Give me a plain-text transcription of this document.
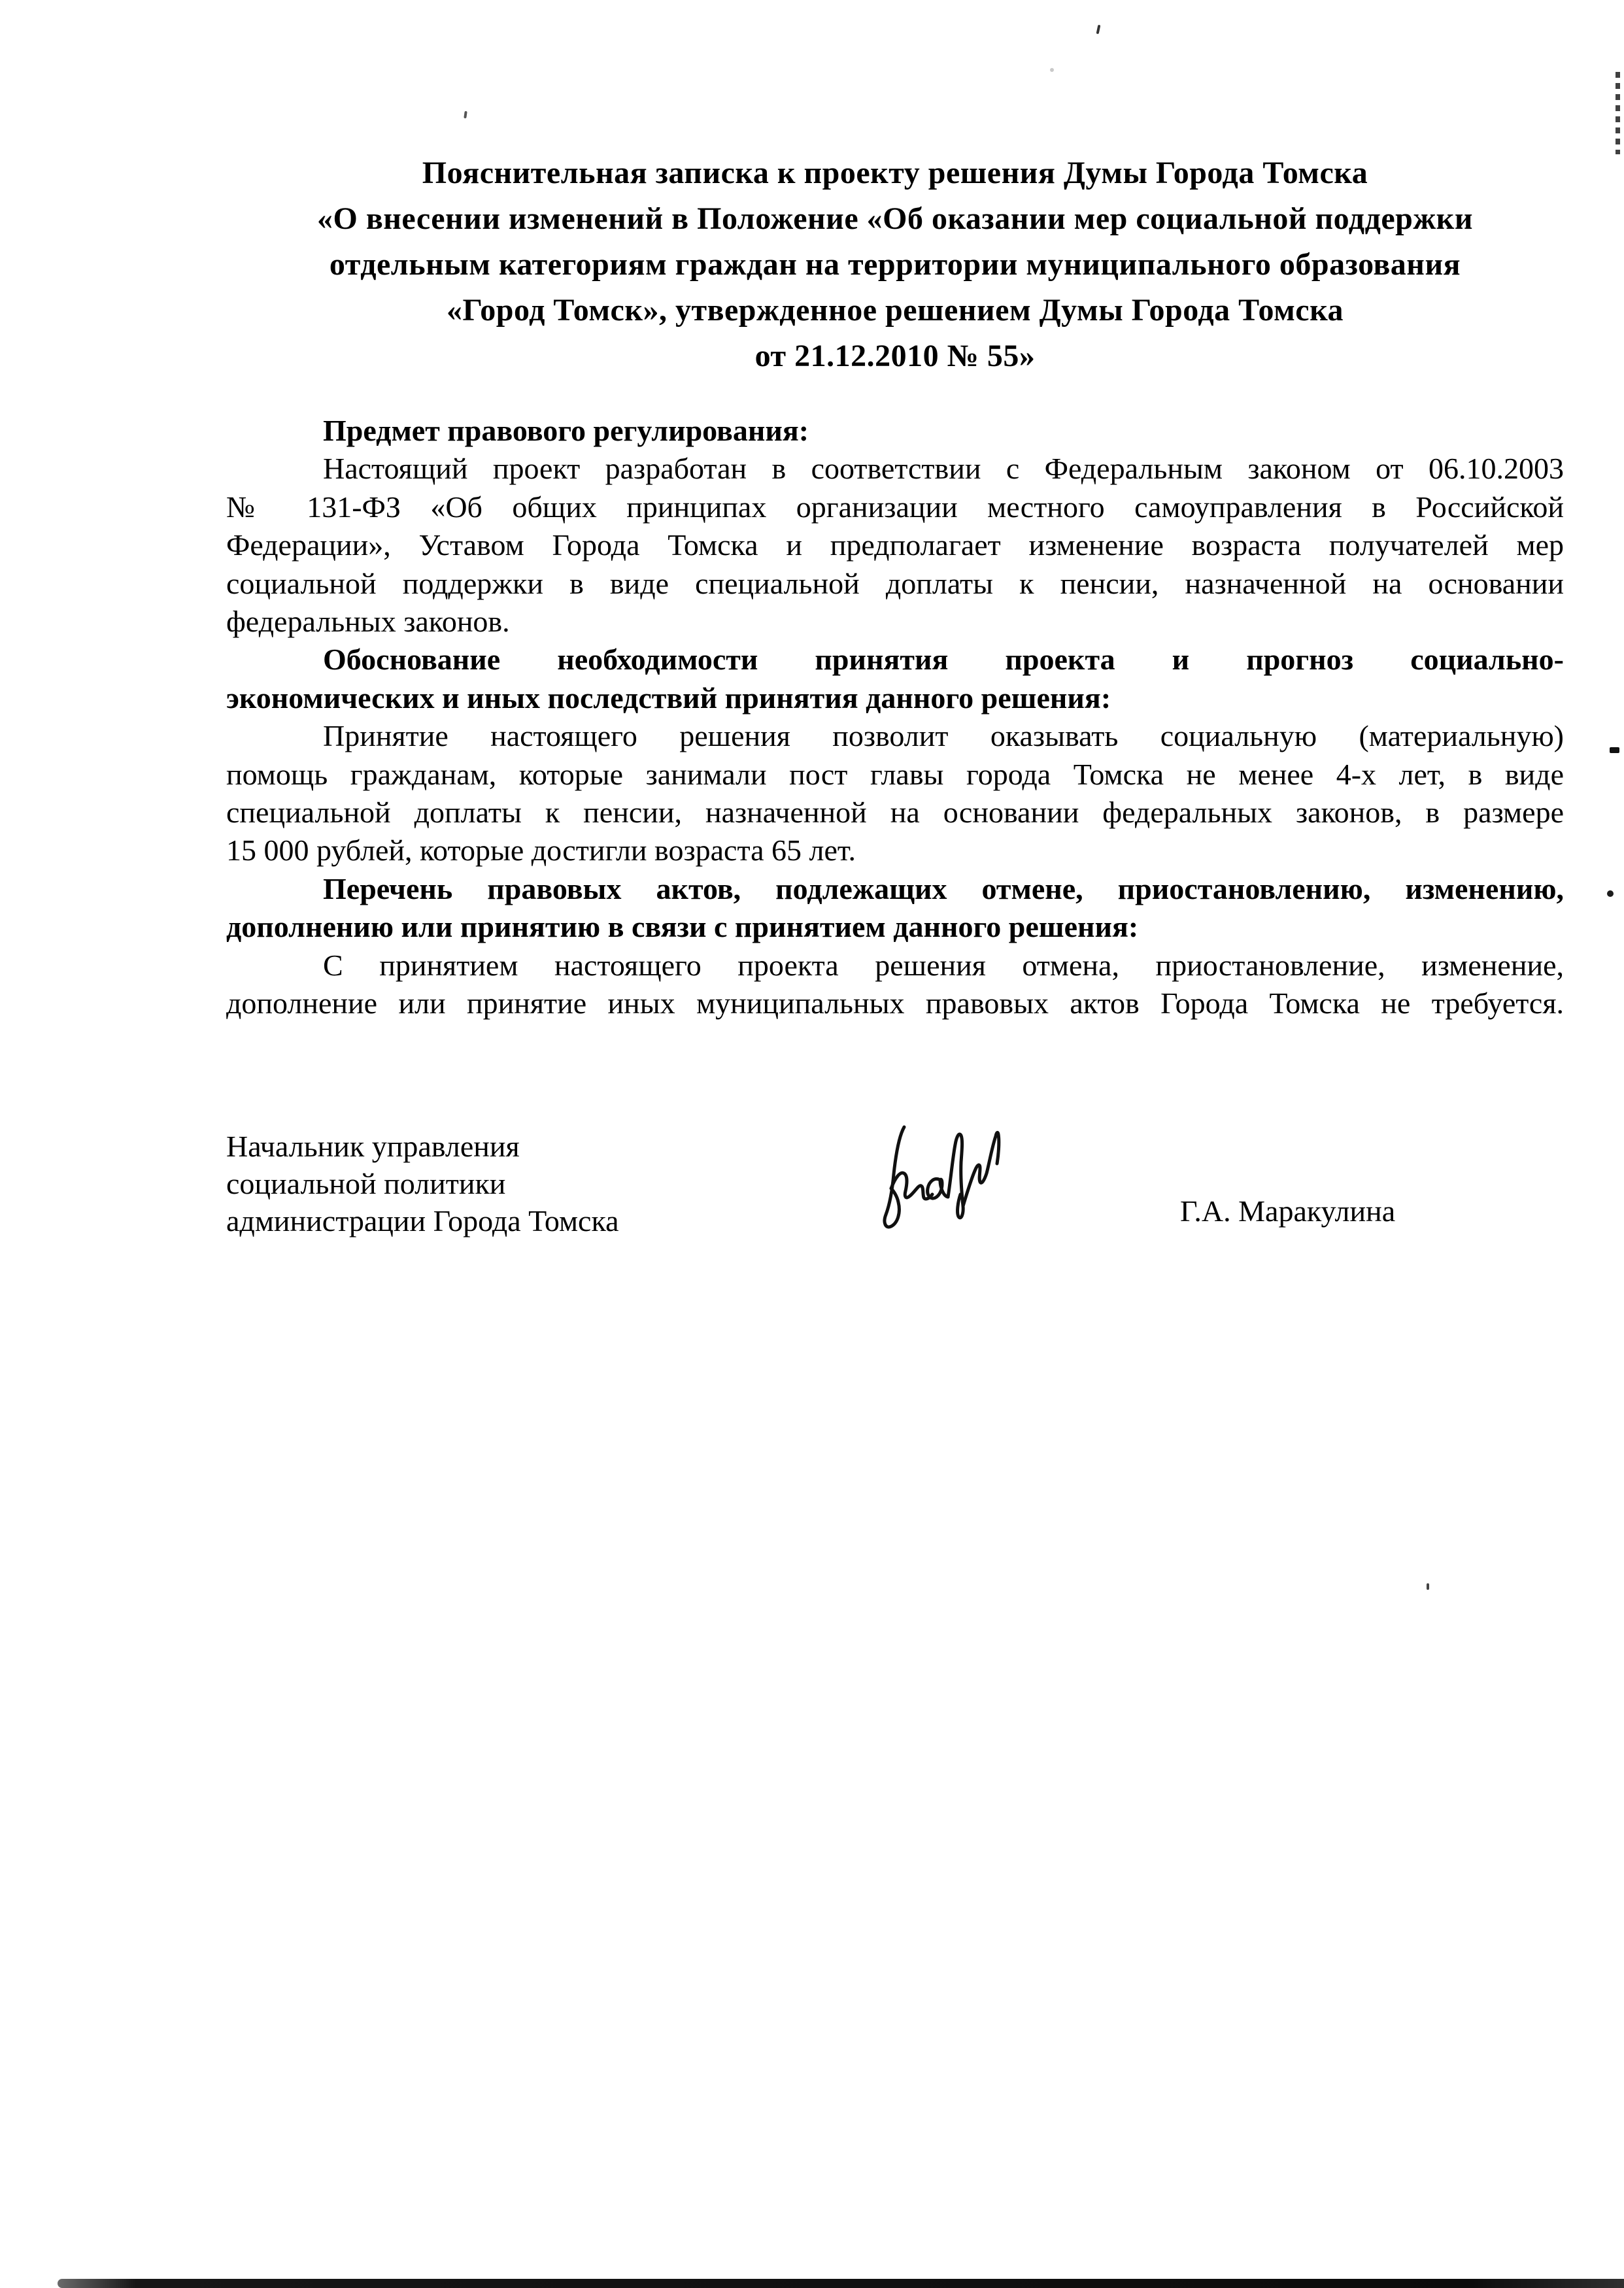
Пояснительная записка к проекту решения Думы Города Томска
«О внесении изменений в Положение «Об оказании мер социальной поддержки
отдельным категориям граждан на территории муниципального образования
«Город Томск», утвержденное решением Думы Города Томска
от 21.12.2010 № 55»
Предмет правового регулирования:
Настоящий проект разработан в соответствии с Федеральным законом от 06.10.2003
№ 131-ФЗ «Об общих принципах организации местного самоуправления в Российской
Федерации», Уставом Города Томска и предполагает изменение возраста получателей мер
социальной поддержки в виде специальной доплаты к пенсии, назначенной на основании
федеральных законов.
Обоснование необходимости принятия проекта и прогноз социально-
экономических и иных последствий принятия данного решения:
Принятие настоящего решения позволит оказывать социальную (материальную)
помощь гражданам, которые занимали пост главы города Томска не менее 4-х лет, в виде
специальной доплаты к пенсии, назначенной на основании федеральных законов, в размере
15 000 рублей, которые достигли возраста 65 лет.
Перечень правовых актов, подлежащих отмене, приостановлению, изменению,
дополнению или принятию в связи с принятием данного решения:
С принятием настоящего проекта решения отмена, приостановление, изменение,
дополнение или принятие иных муниципальных правовых актов Города Томска не требуется.
Начальник управления
социальной политики
администрации Города Томска	Г.А. Маракулина
